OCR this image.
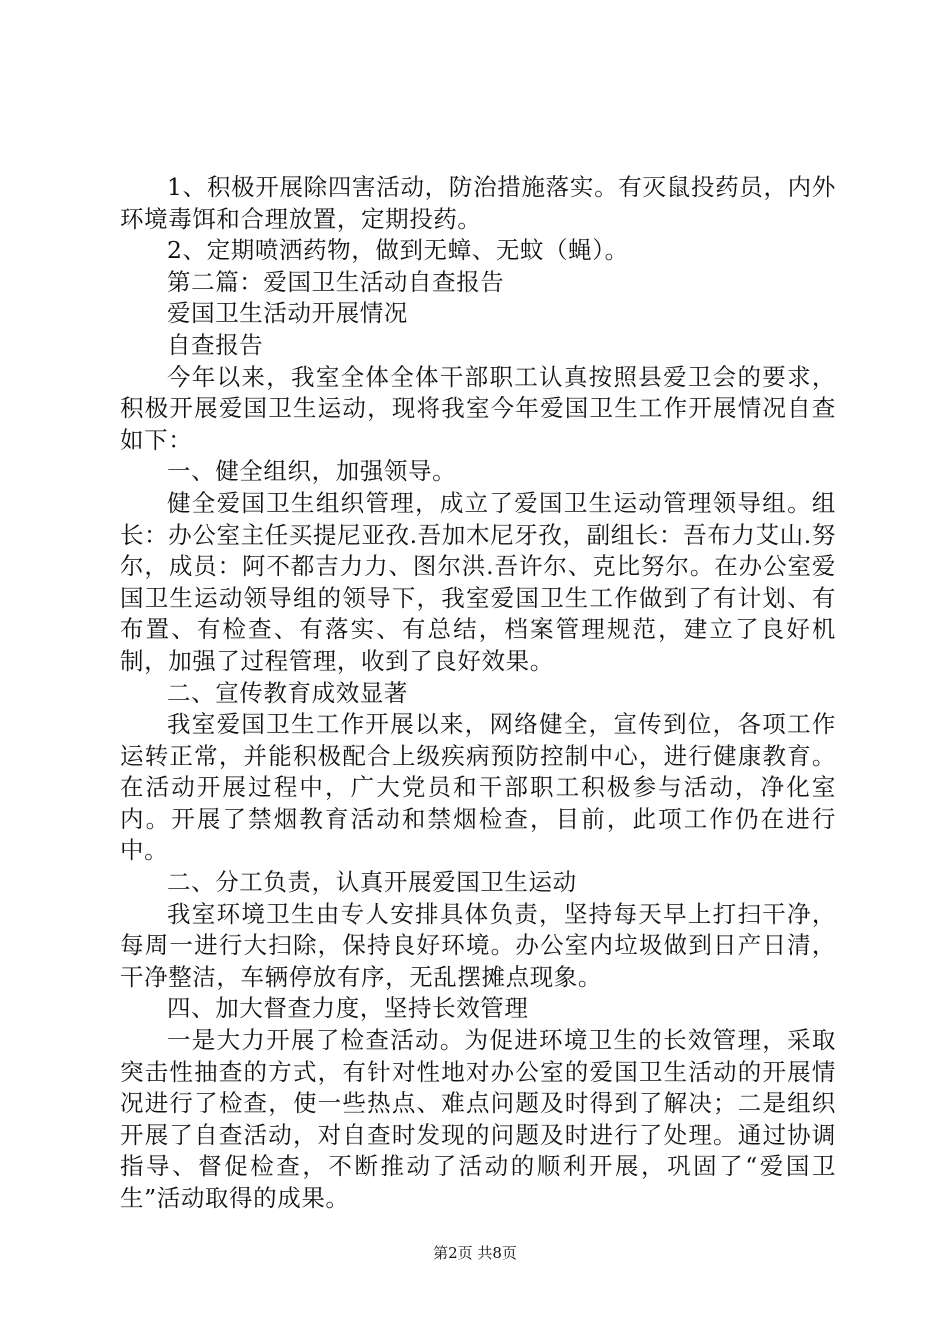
1、积极开展除四害活动，防治措施落实。有灭鼠投药员，内外环境毒饵和合理放置，定期投药。

2、定期喷洒药物，做到无蟑、无蚊（蝇）。

第二篇：爱国卫生活动自查报告

爱国卫生活动开展情况

自查报告

今年以来，我室全体全体干部职工认真按照县爱卫会的要求，积极开展爱国卫生运动，现将我室今年爱国卫生工作开展情况自查如下：

一、健全组织，加强领导。

健全爱国卫生组织管理，成立了爱国卫生运动管理领导组。组长：办公室主任买提尼亚孜.吾加木尼牙孜，副组长：吾布力艾山.努尔，成员：阿不都吉力力、图尔洪.吾许尔、克比努尔。在办公室爱国卫生运动领导组的领导下，我室爱国卫生工作做到了有计划、有布置、有检查、有落实、有总结，档案管理规范，建立了良好机制，加强了过程管理，收到了良好效果。

二、宣传教育成效显著

我室爱国卫生工作开展以来，网络健全，宣传到位，各项工作运转正常，并能积极配合上级疾病预防控制中心，进行健康教育。在活动开展过程中，广大党员和干部职工积极参与活动，净化室内。开展了禁烟教育活动和禁烟检查，目前，此项工作仍在进行中。

二、分工负责，认真开展爱国卫生运动

我室环境卫生由专人安排具体负责，坚持每天早上打扫干净，每周一进行大扫除，保持良好环境。办公室内垃圾做到日产日清，干净整洁，车辆停放有序，无乱摆摊点现象。

四、加大督查力度，坚持长效管理

一是大力开展了检查活动。为促进环境卫生的长效管理，采取突击性抽查的方式，有针对性地对办公室的爱国卫生活动的开展情况进行了检查，使一些热点、难点问题及时得到了解决；二是组织开展了自查活动，对自查时发现的问题及时进行了处理。通过协调指导、督促检查，不断推动了活动的顺利开展，巩固了“爱国卫生”活动取得的成果。

第2页 共8页
